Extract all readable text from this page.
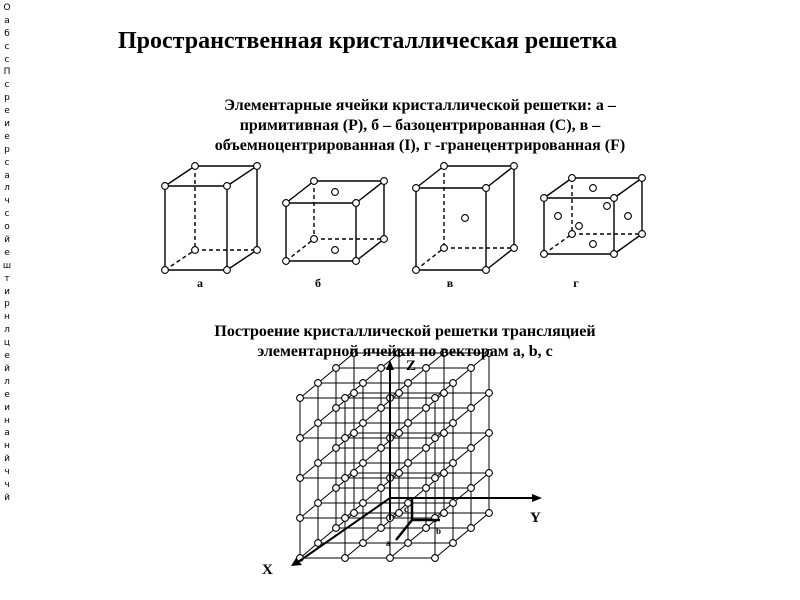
О
а
б
с
с
П
с
р
е
и
е
р
с
а
л
ч
с
о
й
е
ш
т
и
р
н
л
ц
е
й
л
е
и
н
а
н
й
ч
ч
й
Пространственная кристаллическая решетка
Элементарные ячейки кристаллической решетки: а –
примитивная (Р), б – базоцентрированная (С), в –
объемноцентрированная (I), г -гранецентрированная (F)
Z
Y
X
b
c
a
а	б	в	г
Построение кристаллической решетки трансляцией
элементарной ячейки по векторам a, b, c
